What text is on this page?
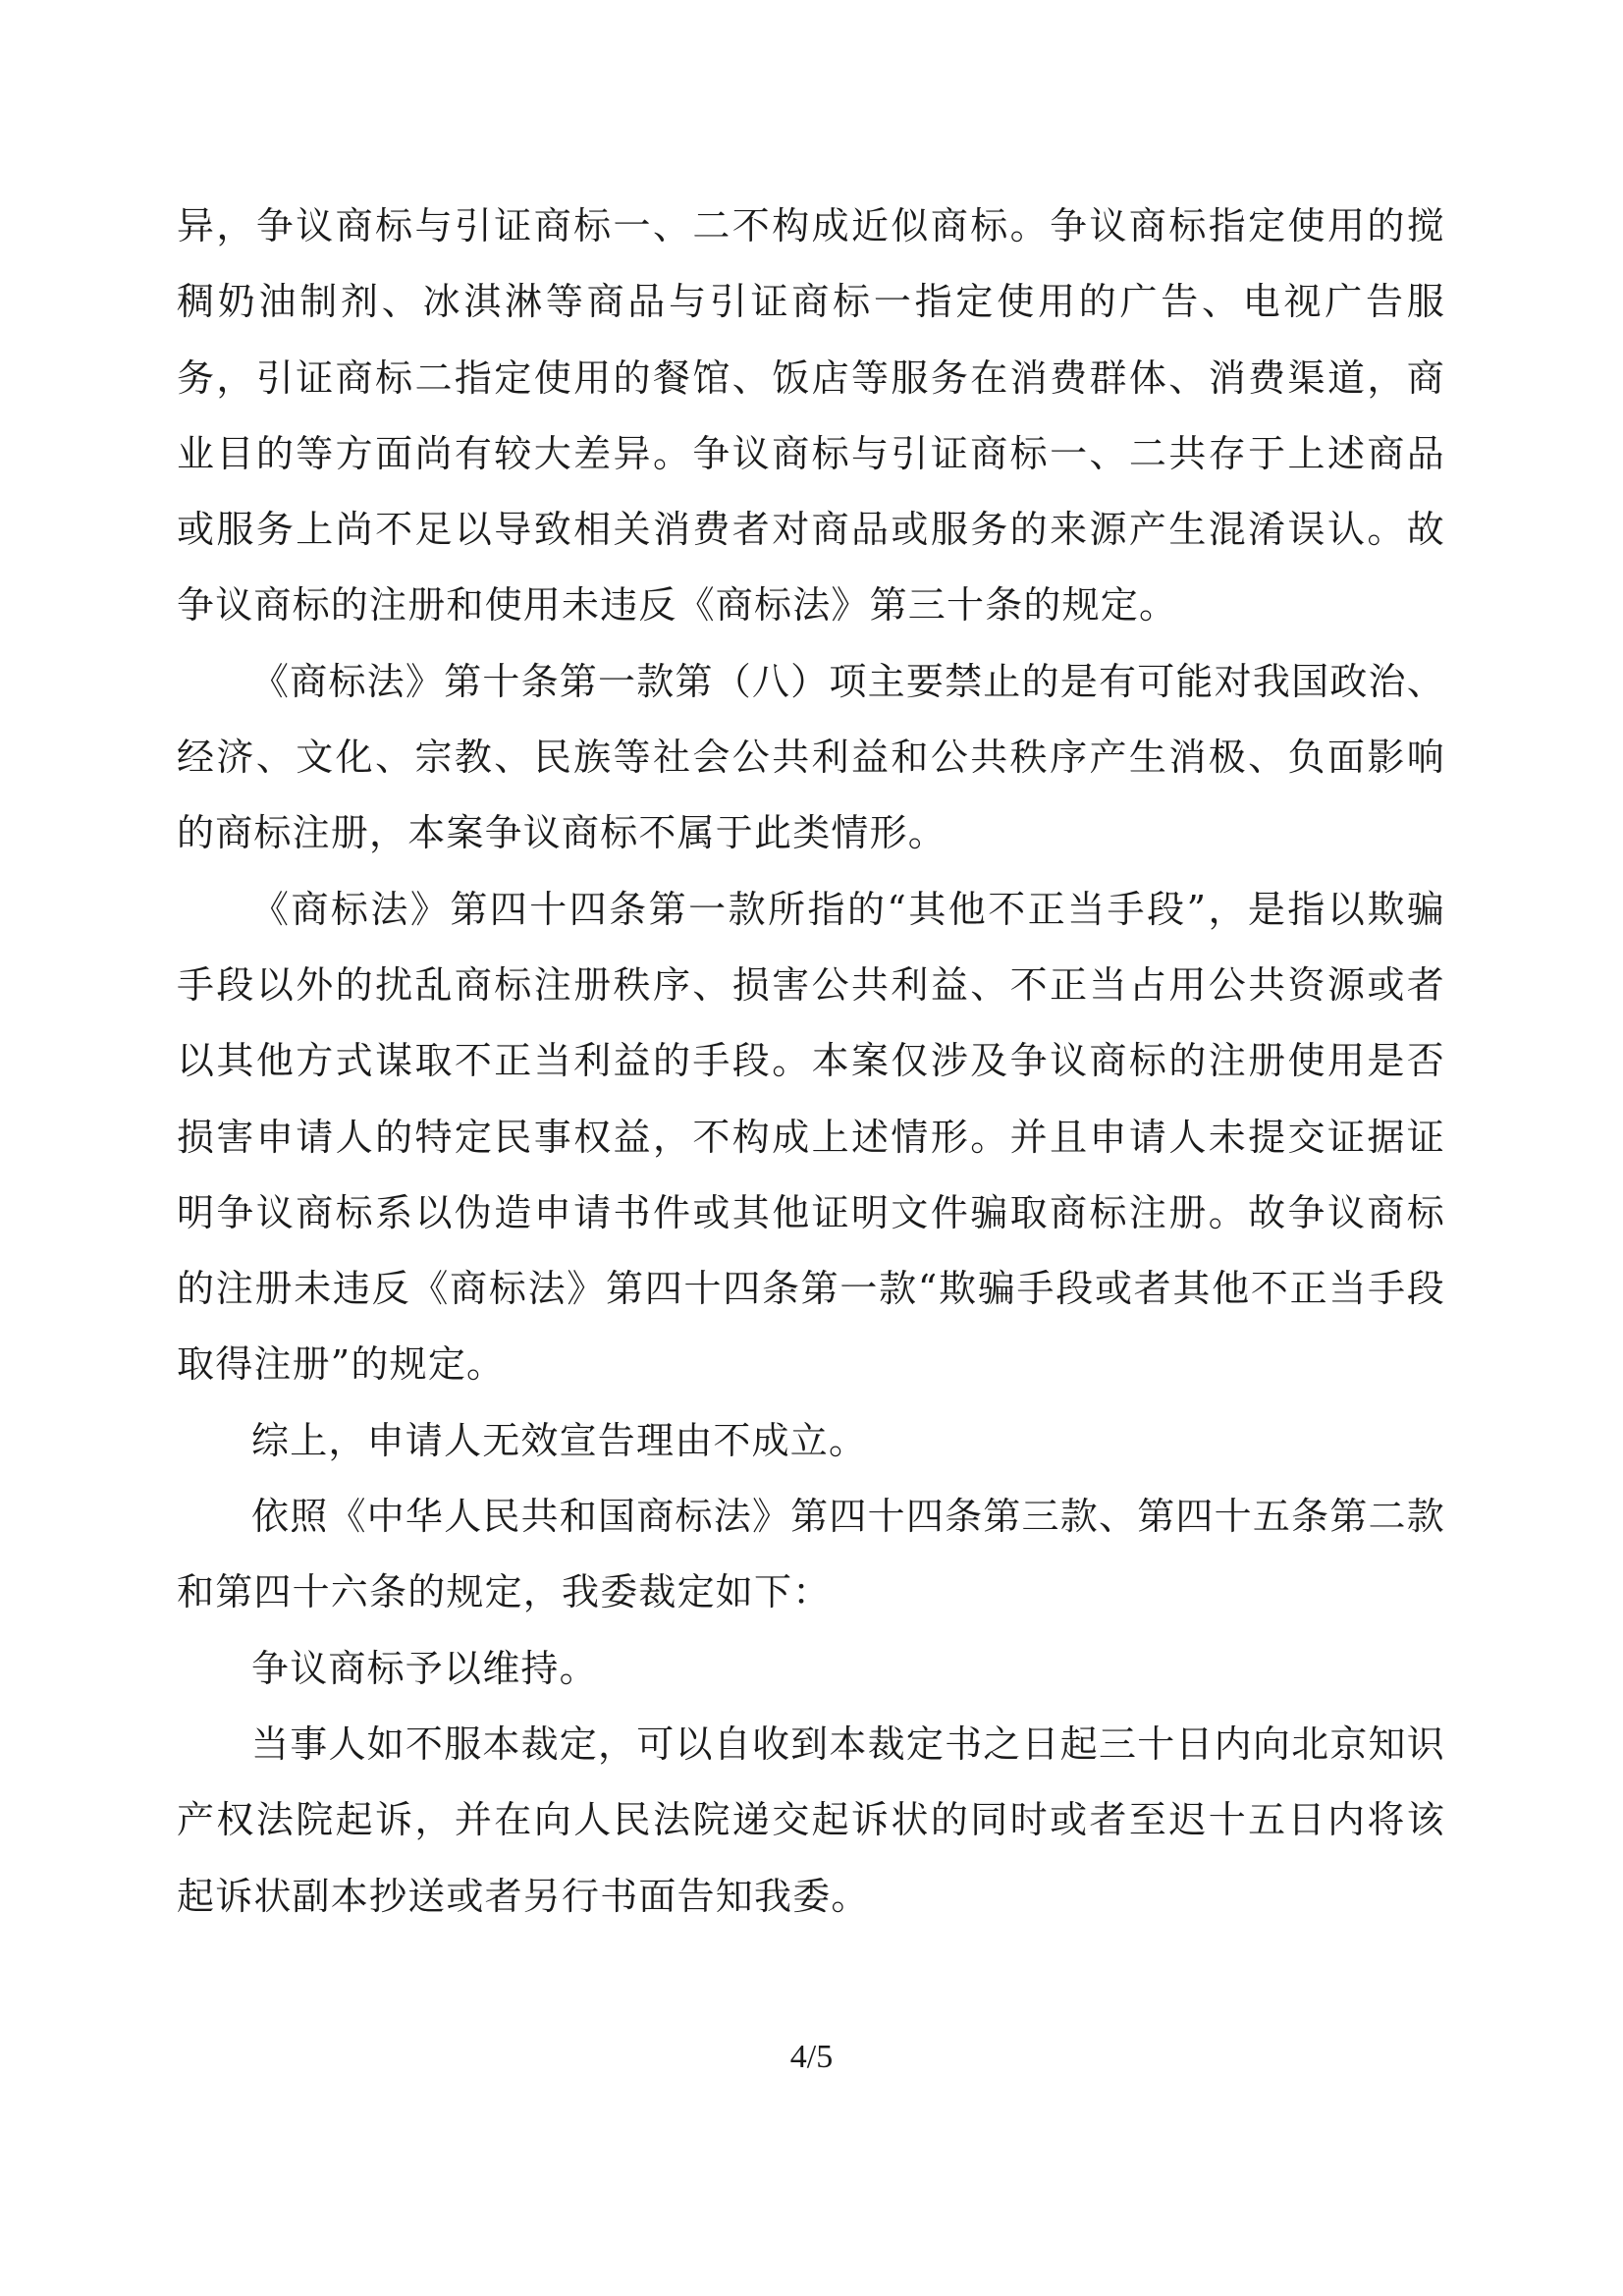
异，争议商标与引证商标一、二不构成近似商标。争议商标指定使用的搅稠奶油制剂、冰淇淋等商品与引证商标一指定使用的广告、电视广告服务，引证商标二指定使用的餐馆、饭店等服务在消费群体、消费渠道，商业目的等方面尚有较大差异。争议商标与引证商标一、二共存于上述商品或服务上尚不足以导致相关消费者对商品或服务的来源产生混淆误认。故争议商标的注册和使用未违反《商标法》第三十条的规定。

《商标法》第十条第一款第（八）项主要禁止的是有可能对我国政治、经济、文化、宗教、民族等社会公共利益和公共秩序产生消极、负面影响的商标注册，本案争议商标不属于此类情形。

《商标法》第四十四条第一款所指的“其他不正当手段”，是指以欺骗手段以外的扰乱商标注册秩序、损害公共利益、不正当占用公共资源或者以其他方式谋取不正当利益的手段。本案仅涉及争议商标的注册使用是否损害申请人的特定民事权益，不构成上述情形。并且申请人未提交证据证明争议商标系以伪造申请书件或其他证明文件骗取商标注册。故争议商标的注册未违反《商标法》第四十四条第一款“欺骗手段或者其他不正当手段取得注册”的规定。

综上，申请人无效宣告理由不成立。

依照《中华人民共和国商标法》第四十四条第三款、第四十五条第二款和第四十六条的规定，我委裁定如下：

争议商标予以维持。

当事人如不服本裁定，可以自收到本裁定书之日起三十日内向北京知识产权法院起诉，并在向人民法院递交起诉状的同时或者至迟十五日内将该起诉状副本抄送或者另行书面告知我委。

4/5
